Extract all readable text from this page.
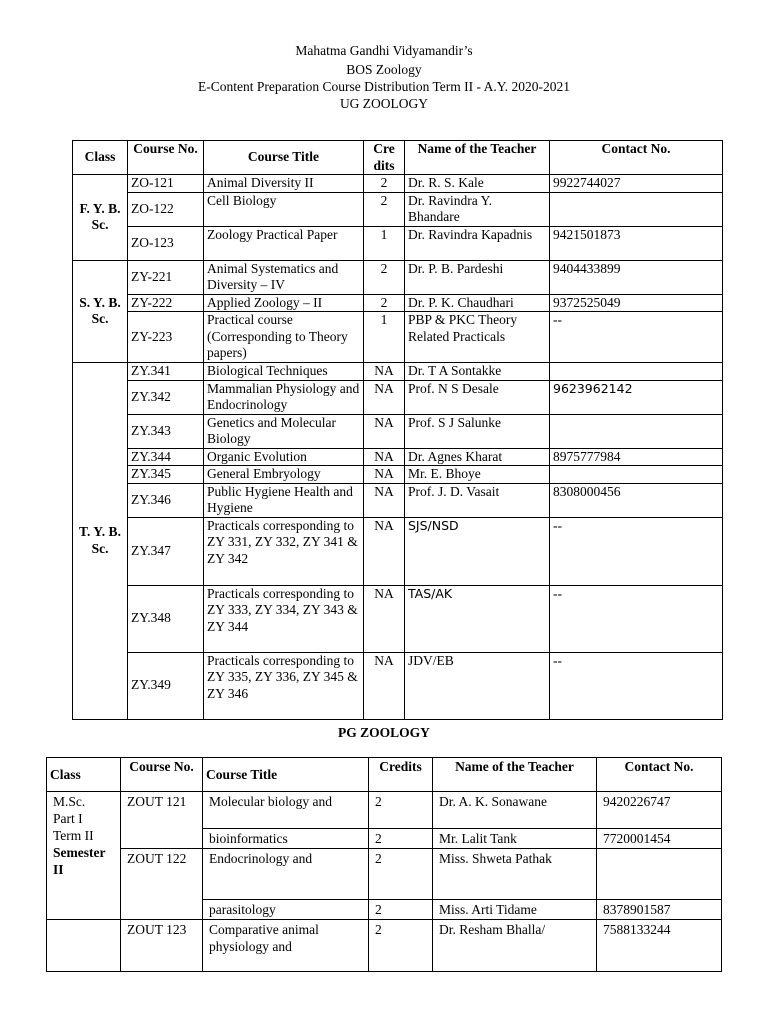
Mahatma Gandhi Vidyamandir’s
BOS Zoology
E-Content Preparation Course Distribution Term II - A.Y. 2020-2021
UG ZOOLOGY
Class	Course No.	Course Title	Cre dits	Name of the Teacher	Contact No.
F. Y. B. Sc.	ZO-121	Animal Diversity II	2	Dr. R. S. Kale	9922744027
	ZO-122	Cell Biology	2	Dr. Ravindra Y. Bhandare	
	ZO-123	Zoology Practical Paper	1	Dr. Ravindra Kapadnis	9421501873
S. Y. B. Sc.	ZY-221	Animal Systematics and Diversity – IV	2	Dr. P. B. Pardeshi	9404433899
	ZY-222	Applied Zoology – II	2	Dr. P. K. Chaudhari	9372525049
	ZY-223	Practical course (Corresponding to Theory papers)	1	PBP & PKC Theory Related Practicals	--
T. Y. B. Sc.	ZY.341	Biological Techniques	NA	Dr. T A Sontakke	
	ZY.342	Mammalian Physiology and Endocrinology	NA	Prof. N S Desale	9623962142
	ZY.343	Genetics and Molecular Biology	NA	Prof. S J Salunke	
	ZY.344	Organic Evolution	NA	Dr. Agnes Kharat	8975777984
	ZY.345	General Embryology	NA	Mr. E. Bhoye	
	ZY.346	Public Hygiene Health and Hygiene	NA	Prof. J. D. Vasait	8308000456
	ZY.347	Practicals corresponding to ZY 331, ZY 332, ZY 341 & ZY 342	NA	SJS/NSD	--
	ZY.348	Practicals corresponding to ZY 333, ZY 334, ZY 343 & ZY 344	NA	TAS/AK	--
	ZY.349	Practicals corresponding to ZY 335, ZY 336, ZY 345 & ZY 346	NA	JDV/EB	--
PG ZOOLOGY
Class	Course No.	Course Title	Credits	Name of the Teacher	Contact No.

M.Sc.
Part I
Term II
Semester
II	ZOUT 121	Molecular biology and	2	Dr. A. K. Sonawane	9420226747
		bioinformatics	2	Mr. Lalit Tank	7720001454
	ZOUT 122	Endocrinology and	2	Miss. Shweta Pathak	
		parasitology	2	Miss. Arti Tidame	8378901587
	ZOUT 123	Comparative animal physiology and	2	Dr. Resham Bhalla/	7588133244
